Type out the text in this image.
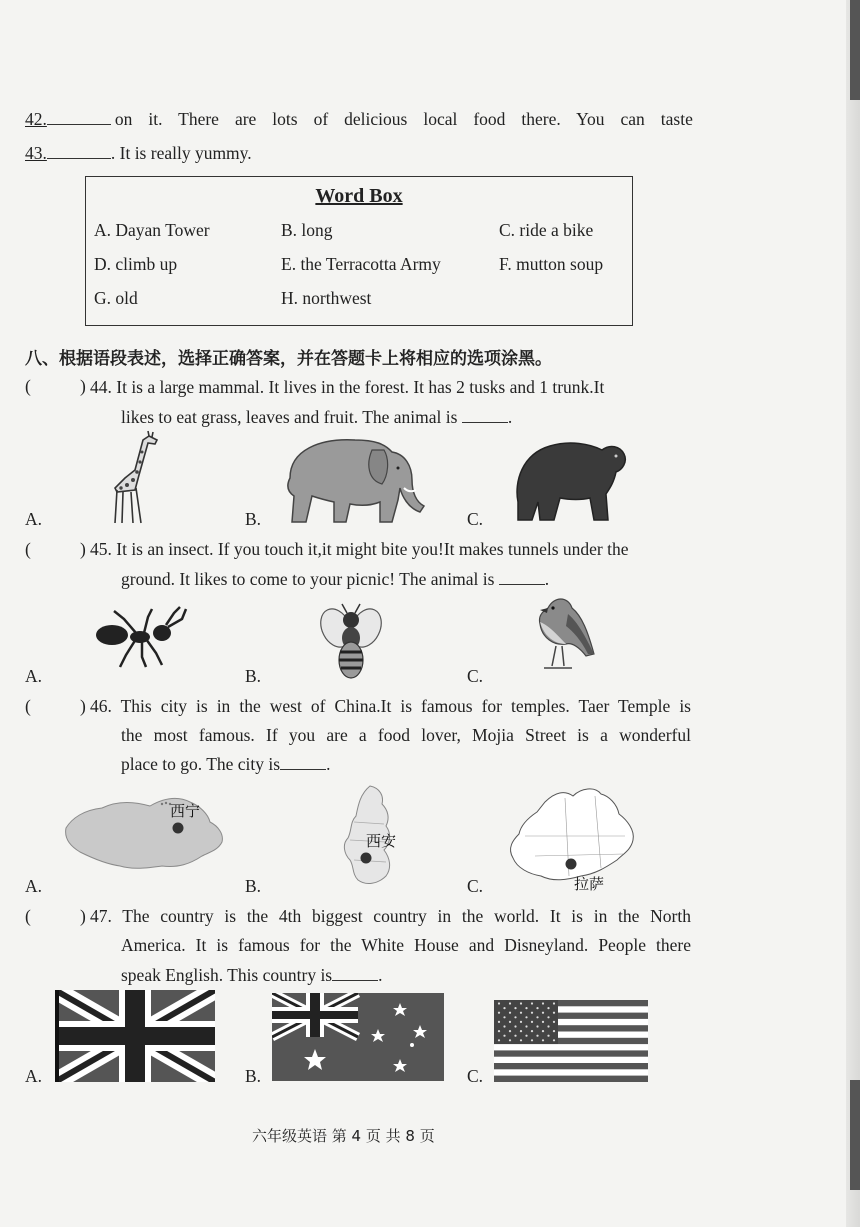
42.	on it. There are lots of delicious local food there. You can taste
43.	. It is really yummy.
Word Box
A. Dayan Tower	B. long	C. ride a bike
D. climb up	E. the Terracotta Army	F. mutton soup
G. old	H. northwest
八、根据语段表述，选择正确答案，并在答题卡上将相应的选项涂黑。
(	) 44. It is a large mammal. It lives in the forest. It has 2 tusks and 1 trunk.It
likes to eat grass, leaves and fruit. The animal is	.
A.	B.	C.
(	) 45. It is an insect. If you touch it,it might bite you!It makes tunnels under the
ground. It likes to come to your picnic! The animal is	.
A.	B.	C.
(	) 46. This city is in the west of China.It is famous for temples. Taer Temple is
the most famous. If you are a food lover, Mojia Street is a wonderful
place to go. The city is	.
A.	B.	C.
西宁
西安
拉萨
(	) 47. The country is the 4th biggest country in the world. It is in the North
America. It is famous for the White House and Disneyland. People there
speak English. This country is	.
A.	B.	C.
六年级英语 第 4 页 共 8 页
